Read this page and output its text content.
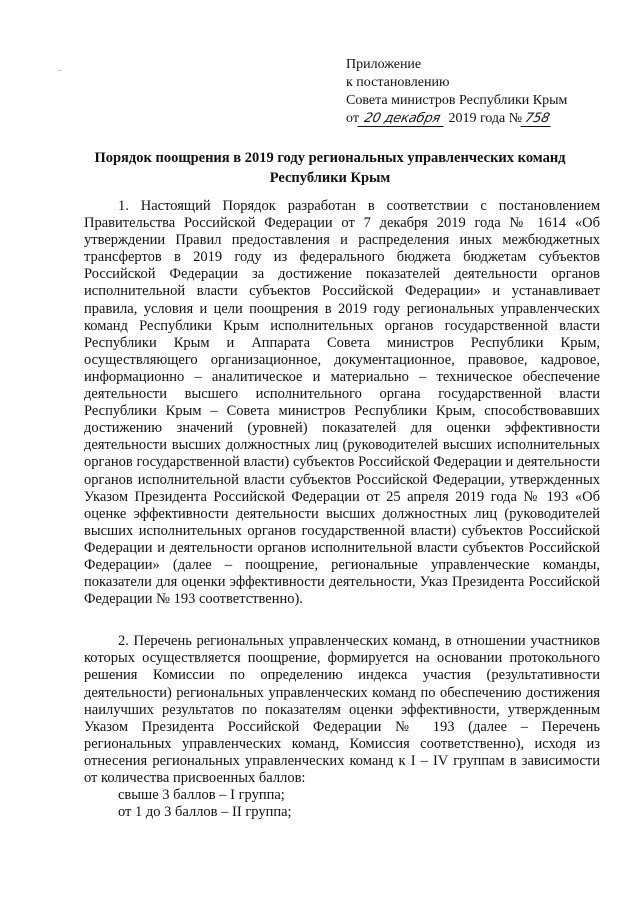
Приложение
к постановлению
Совета министров Республики Крым
от 20 декабря 2019 года № 758
Порядок поощрения в 2019 году региональных управленческих команд
Республики Крым

1. Настоящий Порядок разработан в соответствии с постановлением Правительства Российской Федерации от 7 декабря 2019 года № 1614 «Об утверждении Правил предоставления и распределения иных межбюджетных трансфертов в 2019 году из федерального бюджета бюджетам субъектов Российской Федерации за достижение показателей деятельности органов исполнительной власти субъектов Российской Федерации» и устанавливает правила, условия и цели поощрения в 2019 году региональных управленческих команд Республики Крым исполнительных органов государственной власти Республики Крым и Аппарата Совета министров Республики Крым, осуществляющего организационное, документационное, правовое, кадровое, информационно – аналитическое и материально – техническое обеспечение деятельности высшего исполнительного органа государственной власти Республики Крым – Совета министров Республики Крым, способствовавших достижению значений (уровней) показателей для оценки эффективности деятельности высших должностных лиц (руководителей высших исполнительных органов государственной власти) субъектов Российской Федерации и деятельности органов исполнительной власти субъектов Российской Федерации, утвержденных Указом Президента Российской Федерации от 25 апреля 2019 года № 193 «Об оценке эффективности деятельности высших должностных лиц (руководителей высших исполнительных органов государственной власти) субъектов Российской Федерации и деятельности органов исполнительной власти субъектов Российской Федерации» (далее – поощрение, региональные управленческие команды, показатели для оценки эффективности деятельности, Указ Президента Российской Федерации № 193 соответственно).

2. Перечень региональных управленческих команд, в отношении участников которых осуществляется поощрение, формируется на основании протокольного решения Комиссии по определению индекса участия (результативности деятельности) региональных управленческих команд по обеспечению достижения наилучших результатов по показателям оценки эффективности, утвержденным Указом Президента Российской Федерации № 193 (далее – Перечень региональных управленческих команд, Комиссия соответственно), исходя из отнесения региональных управленческих команд к I – IV группам в зависимости от количества присвоенных баллов:

свыше 3 баллов – I группа;

от 1 до 3 баллов – II группа;
